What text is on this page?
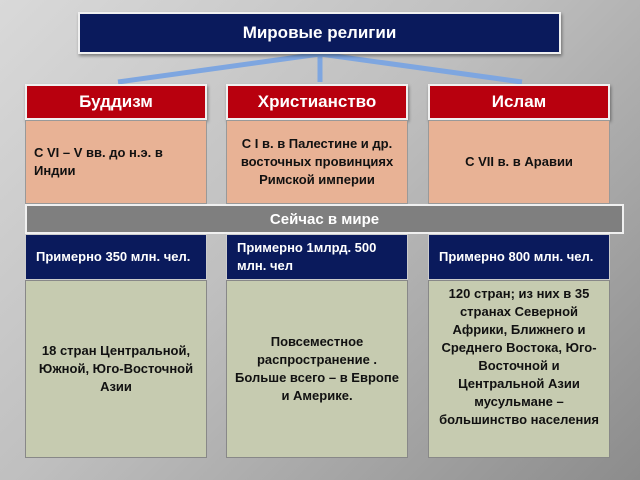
Мировые религии
Буддизм	Христианство	Ислам
С VI – V вв. до н.э. в Индии
С I в. в Палестине и др. восточных провинциях Римской империи
С VII в. в Аравии
Сейчас в мире
Примерно 350 млн. чел.
Примерно 1млрд. 500 млн. чел
Примерно 800 млн. чел.
18 стран Центральной, Южной, Юго-Восточной Азии
Повсеместное распространение . Больше всего – в Европе и Америке.
120 стран; из них в 35 странах Северной Африки, Ближнего и Среднего Востока, Юго-Восточной и Центральной Азии мусульмане – большинство населения
